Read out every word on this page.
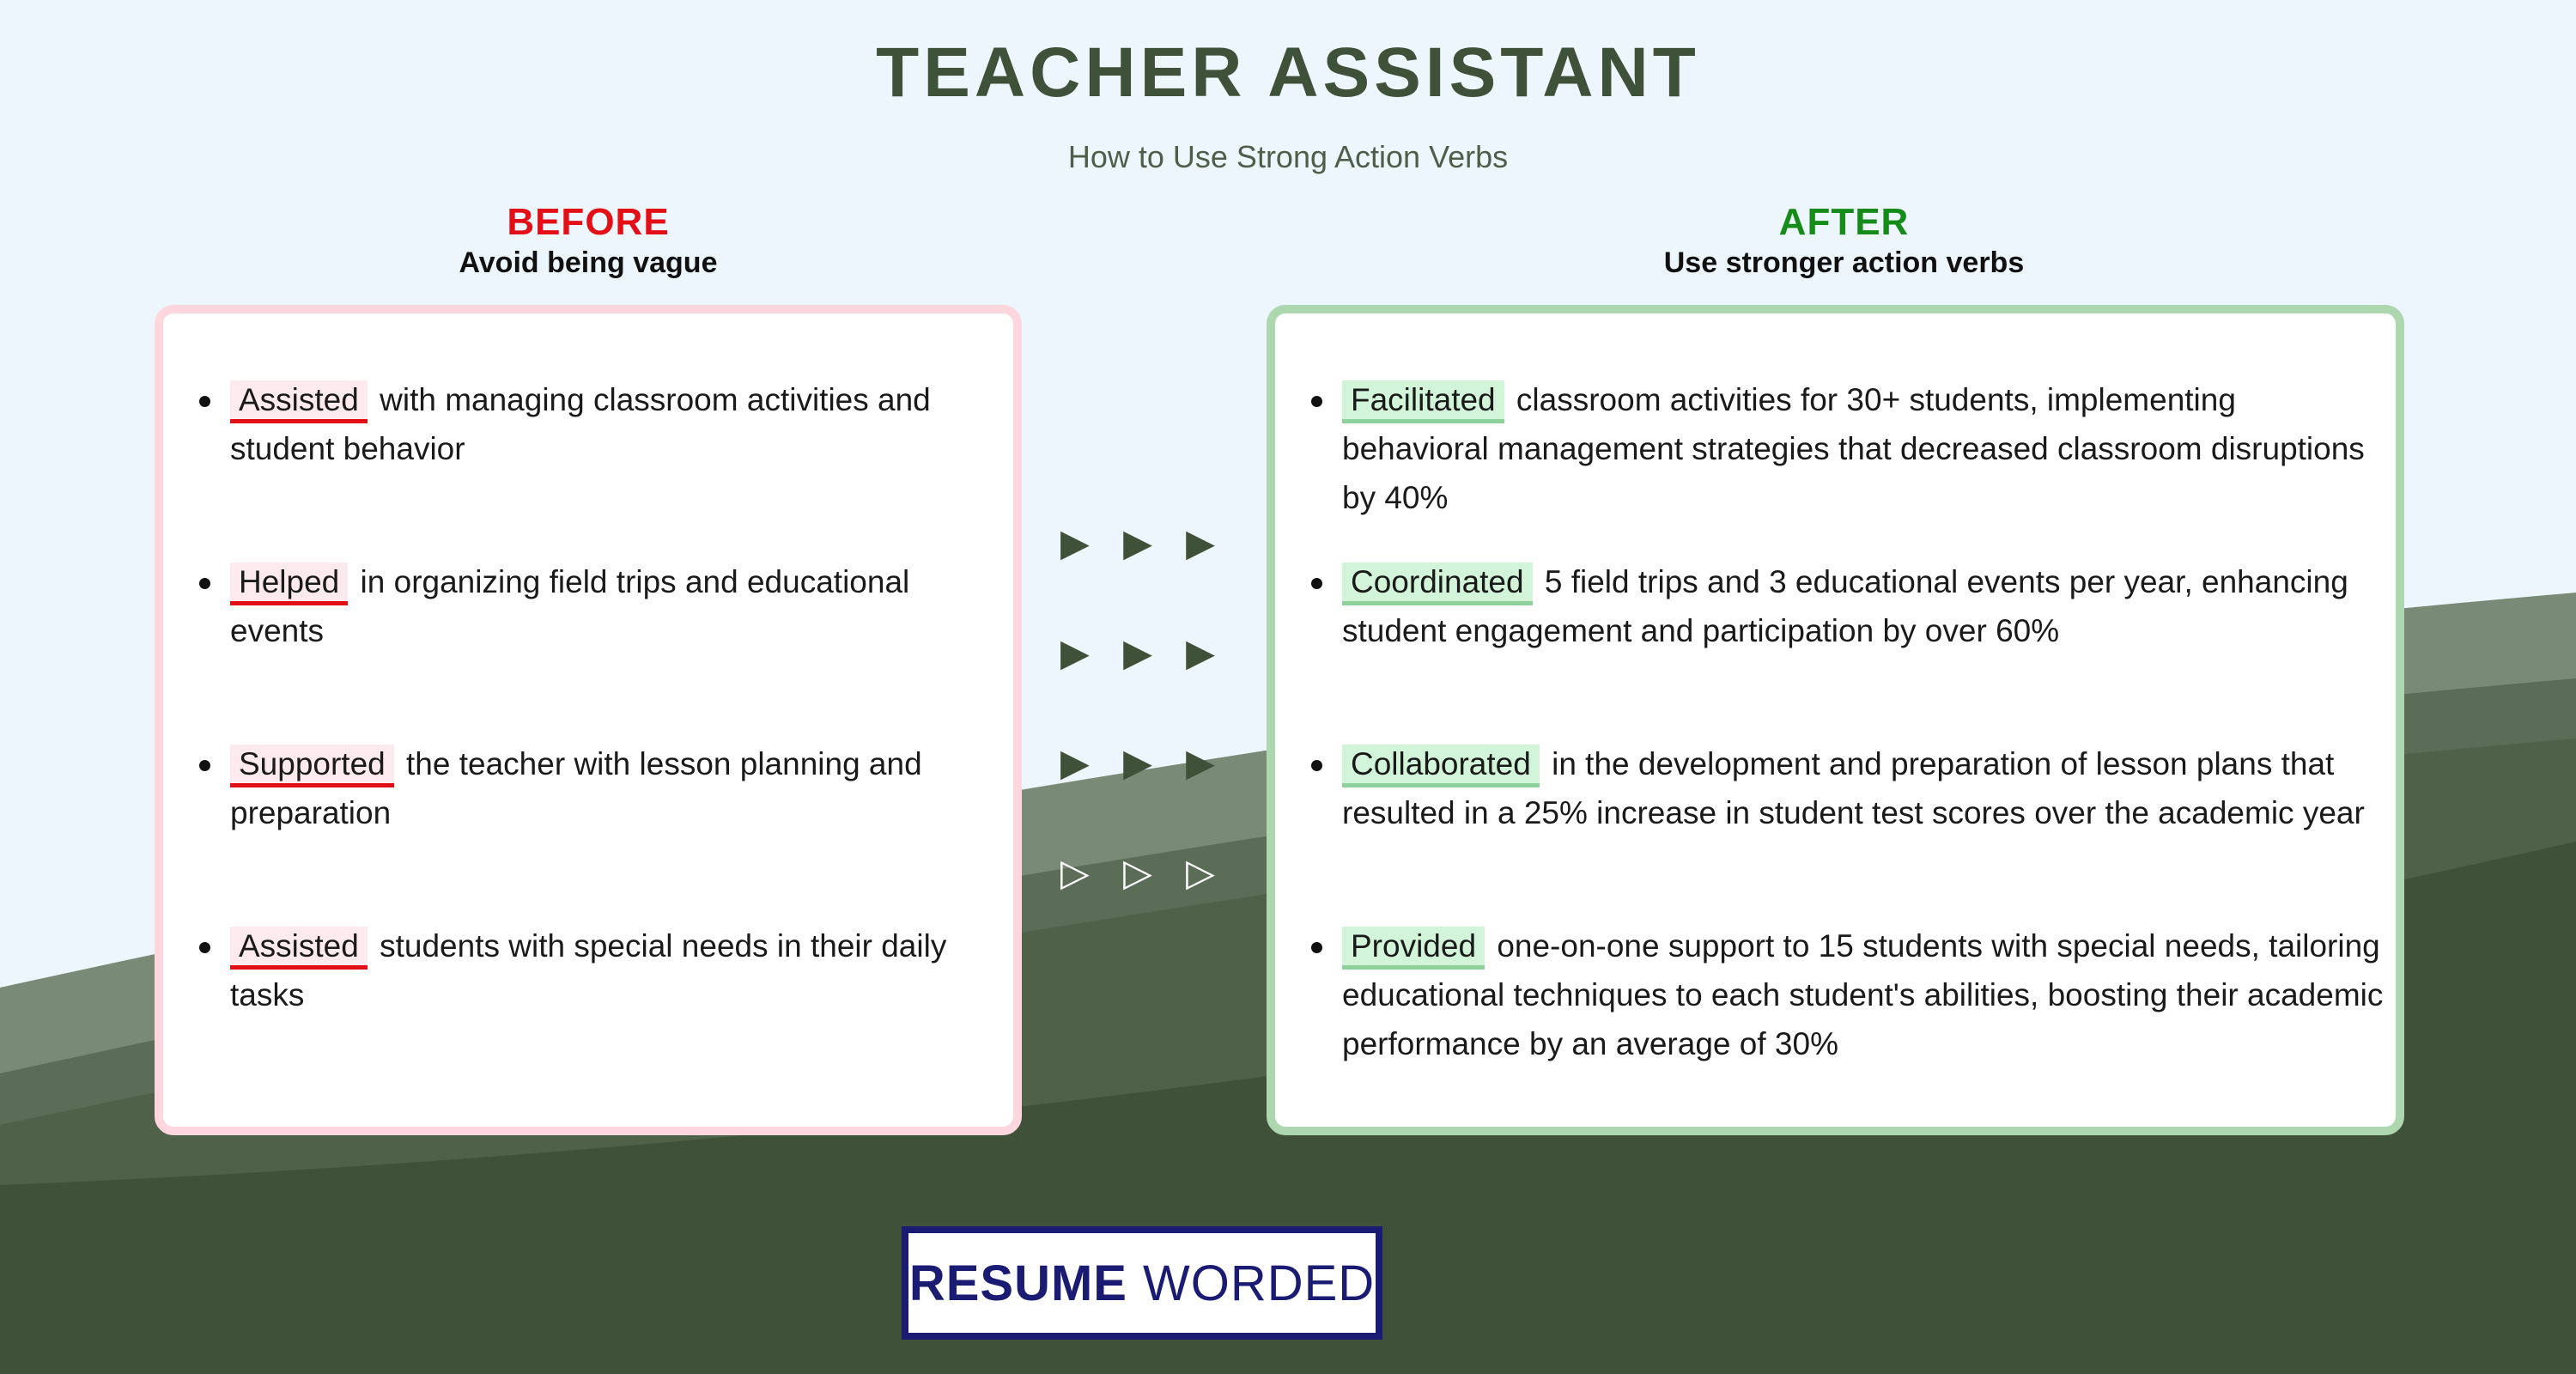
TEACHER ASSISTANT
How to Use Strong Action Verbs
BEFORE
Avoid being vague
AFTER
Use stronger action verbs
Assisted with managing classroom activities and student behavior
Helped in organizing field trips and educational events
Supported the teacher with lesson planning and preparation
Assisted students with special needs in their daily tasks
▶ ▶ ▶
▶ ▶ ▶
▶ ▶ ▶
▷ ▷ ▷
Facilitated classroom activities for 30+ students, implementing behavioral management strategies that decreased classroom disruptions by 40%
Coordinated 5 field trips and 3 educational events per year, enhancing student engagement and participation by over 60%
Collaborated in the development and preparation of lesson plans that resulted in a 25% increase in student test scores over the academic year
Provided one-on-one support to 15 students with special needs, tailoring educational techniques to each student's abilities, boosting their academic performance by an average of 30%
RESUME WORDED
